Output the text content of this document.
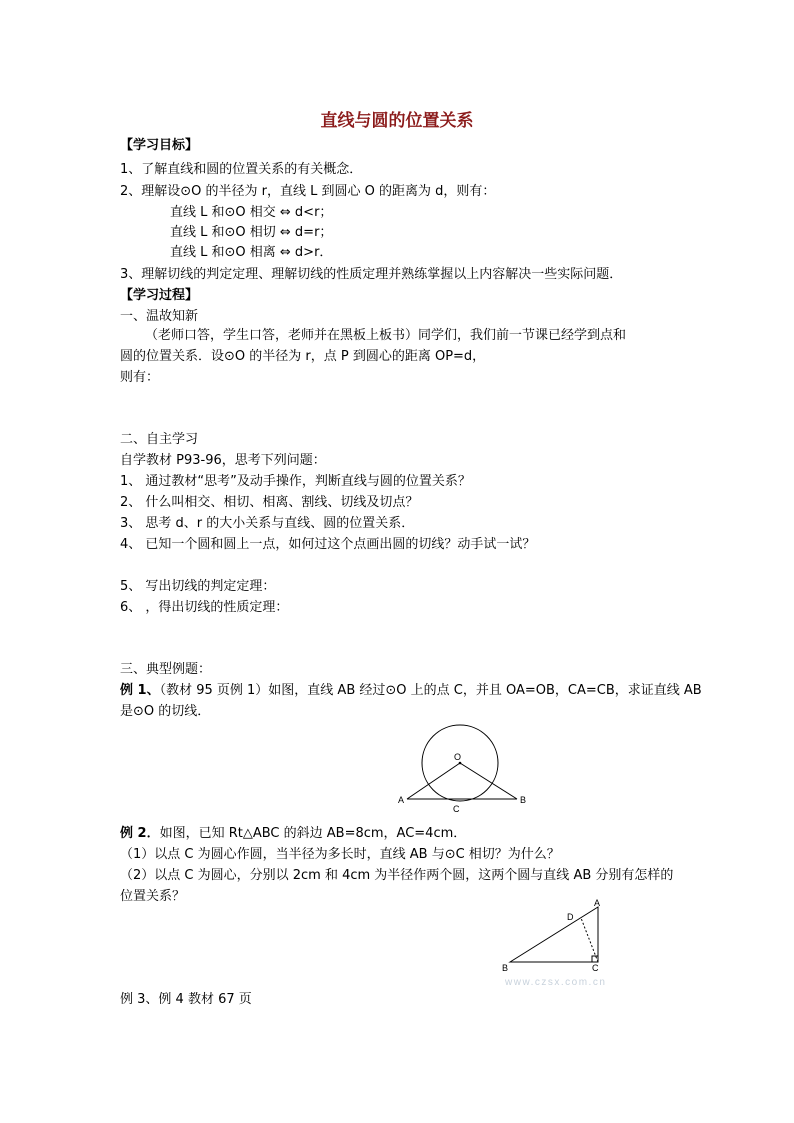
直线与圆的位置关系
【学习目标】
1、了解直线和圆的位置关系的有关概念．
2、理解设⊙O 的半径为 r，直线 L 到圆心 O 的距离为 d，则有：
直线 L 和⊙O 相交 ⇔ d<r；
直线 L 和⊙O 相切 ⇔ d=r；
直线 L 和⊙O 相离 ⇔ d>r．
3、理解切线的判定定理、理解切线的性质定理并熟练掌握以上内容解决一些实际问题．
【学习过程】
一、温故知新
（老师口答，学生口答，老师并在黑板上板书）同学们，我们前一节课已经学到点和
圆的位置关系．设⊙O 的半径为 r，点 P 到圆心的距离 OP=d，
则有：
二、自主学习
自学教材 P93-96，思考下列问题：
1、 通过教材“思考”及动手操作，判断直线与圆的位置关系？
2、 什么叫相交、相切、相离、割线、切线及切点？
3、 思考 d、r 的大小关系与直线、圆的位置关系．
4、 已知一个圆和圆上一点，如何过这个点画出圆的切线？动手试一试？
5、 写出切线的判定定理：
6、 ，得出切线的性质定理：
三、典型例题：
例 1、（教材 95 页例 1）如图，直线 AB 经过⊙O 上的点 C，并且 OA=OB，CA=CB，求证直线 AB
是⊙O 的切线．
O
A	B
C
例 2．如图，已知 Rt△ABC 的斜边 AB=8cm，AC=4cm．
（1）以点 C 为圆心作圆，当半径为多长时，直线 AB 与⊙C 相切？为什么？
（2）以点 C 为圆心，分别以 2cm 和 4cm 为半径作两个圆，这两个圆与直线 AB 分别有怎样的
位置关系？	A
B	C
D
www.czsx.com.cn
例 3、例 4 教材 67 页
